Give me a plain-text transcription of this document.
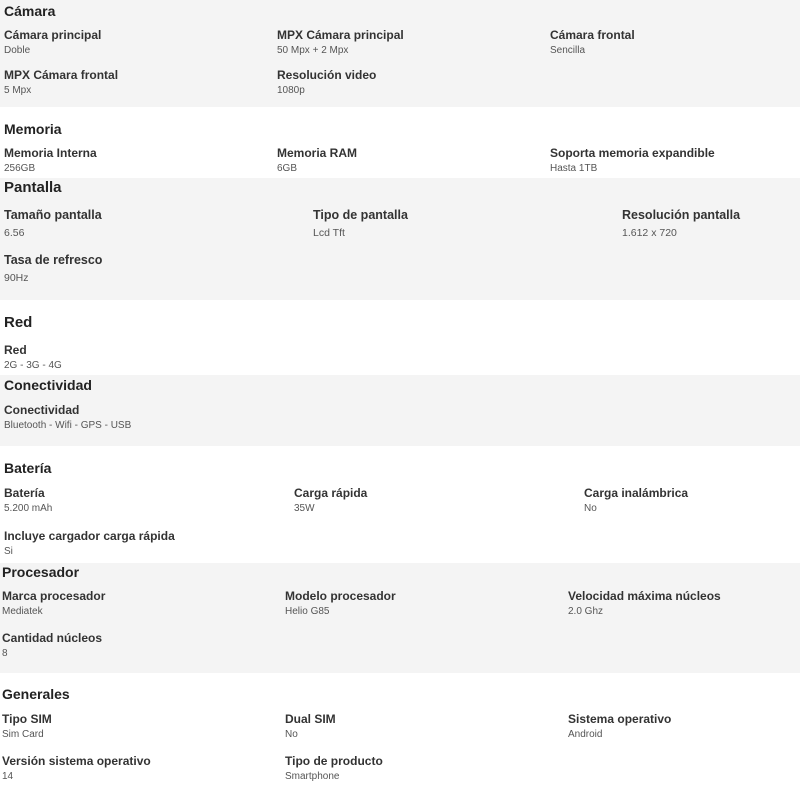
Cámara
Cámara principal
Doble
MPX Cámara principal
50 Mpx + 2 Mpx
Cámara frontal
Sencilla
MPX Cámara frontal
5 Mpx
Resolución video
1080p
Memoria
Memoria Interna
256GB
Memoria RAM
6GB
Soporta memoria expandible
Hasta 1TB
Pantalla
Tamaño pantalla
6.56
Tipo de pantalla
Lcd Tft
Resolución pantalla
1.612 x 720
Tasa de refresco
90Hz
Red
Red
2G - 3G - 4G
Conectividad
Conectividad
Bluetooth - Wifi - GPS - USB
Batería
Batería
5.200 mAh
Carga rápida
35W
Carga inalámbrica
No
Incluye cargador carga rápida
Si
Procesador
Marca procesador
Mediatek
Modelo procesador
Helio G85
Velocidad máxima núcleos
2.0 Ghz
Cantidad núcleos
8
Generales
Tipo SIM
Sim Card
Dual SIM
No
Sistema operativo
Android
Versión sistema operativo
14
Tipo de producto
Smartphone
